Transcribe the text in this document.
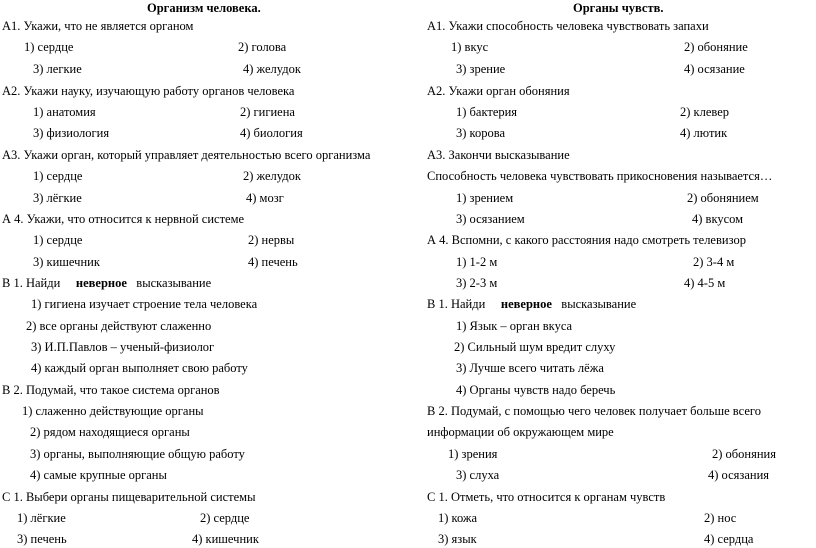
Организм человека.
А1. Укажи, что не является органом
1) сердце	2) голова
3) легкие	4) желудок
А2. Укажи науку, изучающую работу органов человека
1) анатомия	2) гигиена
3) физиология	4) биология
А3. Укажи орган, который управляет деятельностью всего организма
1) сердце	2) желудок
3) лёгкие	4) мозг
А 4. Укажи, что относится к нервной системе
1) сердце	2) нервы
3) кишечник	4) печень
В 1. Найди неверное высказывание
1) гигиена изучает строение тела человека
2) все органы действуют слаженно
3) И.П.Павлов – ученый-физиолог
4) каждый орган выполняет свою работу
В 2. Подумай, что такое система органов
1) слаженно действующие органы
2) рядом находящиеся органы
3) органы, выполняющие общую работу
4) самые крупные органы
С 1. Выбери органы пищеварительной системы
1) лёгкие	2) сердце
3) печень	4) кишечник
Органы чувств.
А1. Укажи способность человека чувствовать запахи
1) вкус	2) обоняние
3) зрение	4) осязание
А2. Укажи орган обоняния
1) бактерия	2) клевер
3) корова	4) лютик
А3. Закончи высказывание
Способность человека чувствовать прикосновения называется…
1) зрением	2) обонянием
3) осязанием	4) вкусом
А 4. Вспомни, с какого расстояния надо смотреть телевизор
1) 1-2 м	2) 3-4 м
3) 2-3 м	4) 4-5 м
В 1. Найди неверное высказывание
1) Язык – орган вкуса
2) Сильный шум вредит слуху
3) Лучше всего читать лёжа
4) Органы чувств надо беречь
В 2. Подумай, с помощью чего человек получает больше всего
информации об окружающем мире
1) зрения	2) обоняния
3) слуха	4) осязания
С 1. Отметь, что относится к органам чувств
1) кожа	2) нос
3) язык	4) сердца
